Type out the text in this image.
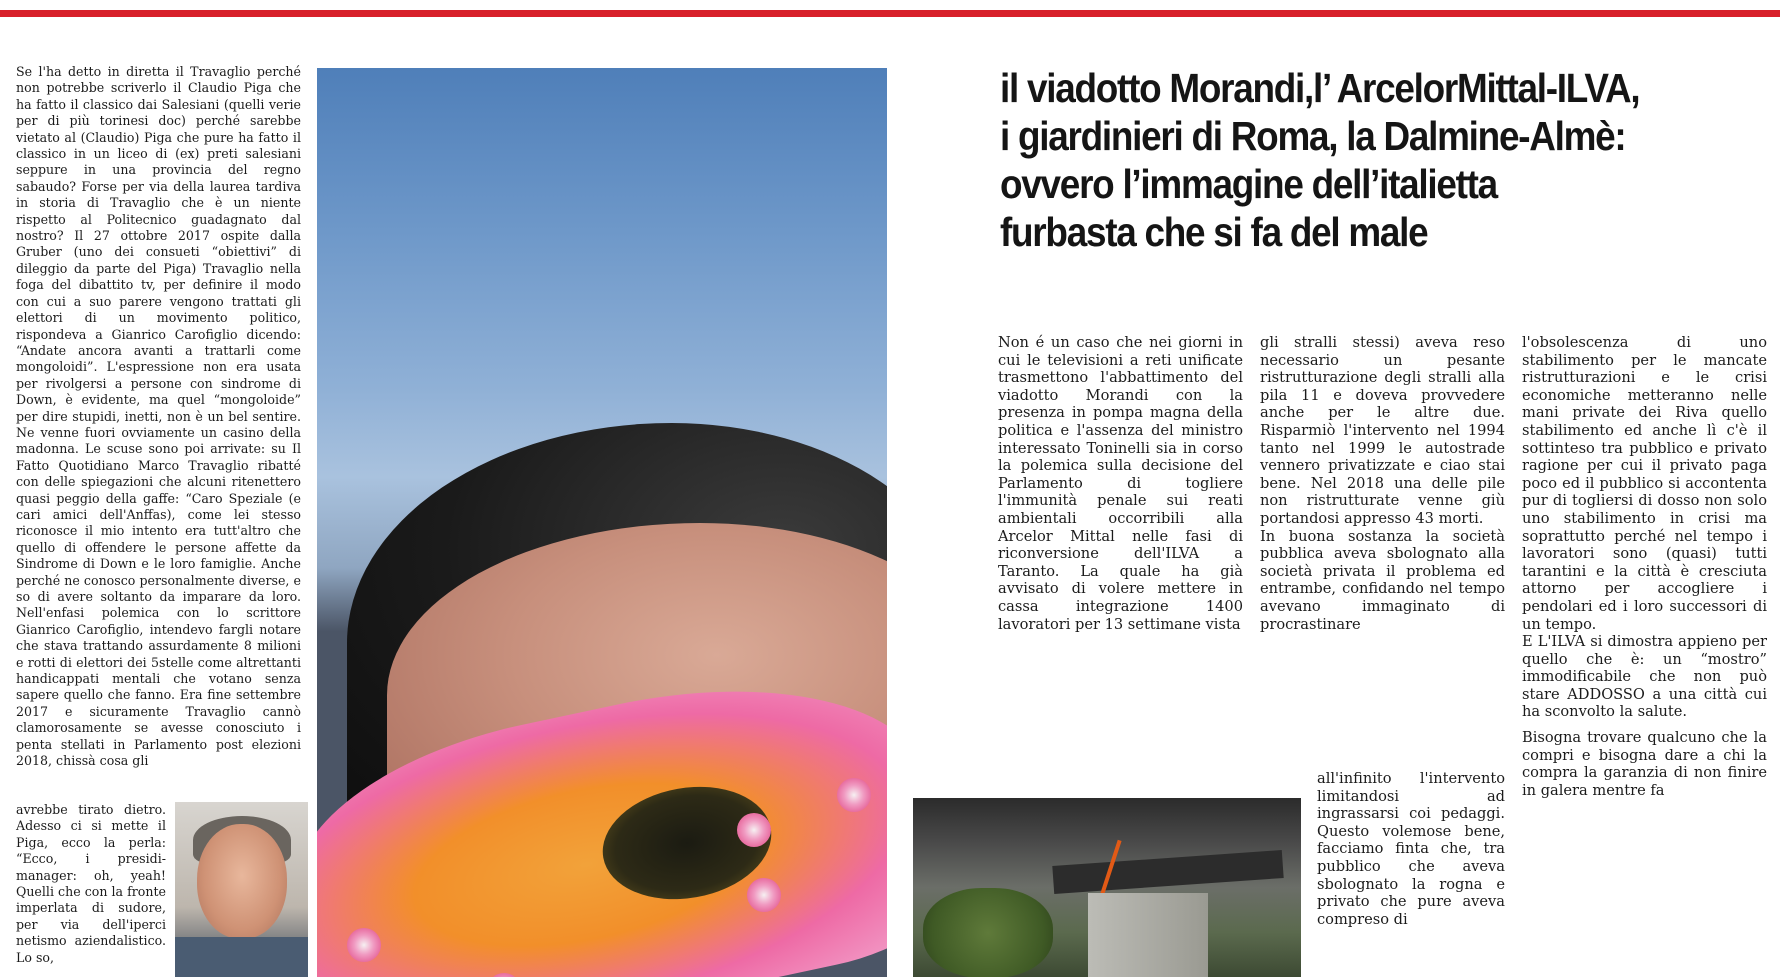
Se l'ha detto in diretta il Travaglio perché non potrebbe scriverlo il Claudio Piga che ha fatto il classico dai Salesiani (quelli verie per di più torinesi doc) perché sarebbe vietato al (Claudio) Piga che pure ha fatto il classico in un liceo di (ex) preti salesiani seppure in una provincia del regno sabaudo? Forse per via della laurea tardiva in storia di Travaglio che è un niente rispetto al Politecnico guadagnato dal nostro? Il 27 ottobre 2017 ospite dalla Gruber (uno dei consueti “obiettivi” di dileggio da parte del Piga) Travaglio nella foga del dibattito tv, per definire il modo con cui a suo parere vengono trattati gli elettori di un movimento politico, rispondeva a Gianrico Carofiglio dicendo: “Andate ancora avanti a trattarli come mongoloidi”. L'espressione non era usata per rivolgersi a persone con sindrome di Down, è evidente, ma quel “mongoloide” per dire stupidi, inetti, non è un bel sentire. Ne venne fuori ovviamente un casino della madonna. Le scuse sono poi arrivate: su Il Fatto Quotidiano Marco Travaglio ribatté con delle spiegazioni che alcuni ritenettero quasi peggio della gaffe: “Caro Speziale (e cari amici dell'Anffas), come lei stesso riconosce il mio intento era tutt'altro che quello di offendere le persone affette da Sindrome di Down e le loro famiglie. Anche perché ne conosco personalmente diverse, e so di avere soltanto da imparare da loro. Nell'enfasi polemica con lo scrittore Gianrico Carofiglio, intendevo fargli notare che stava trattando assurdamente 8 milioni e rotti di elettori dei 5stelle come altrettanti handicappati mentali che votano senza sapere quello che fanno. Era fine settembre 2017 e sicuramente Travaglio cannò clamorosamente se avesse conosciuto i penta stellati in Parlamento post elezioni 2018, chissà cosa gli

avrebbe tirato dietro. Adesso ci si mette il Piga, ecco la perla: “Ecco, i presidi-manager: oh, yeah! Quelli che con la fronte imperlata di sudore, per via dell'iperci netismo aziendalistico. Lo so,

il viadotto Morandi,l’ ArcelorMittal-ILVA,
i giardinieri di Roma, la Dalmine-Almè:
ovvero l’immagine dell’italietta
furbasta che si fa del male

Non é un caso che nei giorni in cui le televisioni a reti unificate trasmettono l'abbattimento del viadotto Morandi con la presenza in pompa magna della politica e l'assenza del ministro interessato Toninelli sia in corso la polemica sulla decisione del Parlamento di togliere l'immunità penale sui reati ambientali occorribili alla Arcelor Mittal nelle fasi di riconversione dell'ILVA a Taranto. La quale ha già avvisato di volere mettere in cassa integrazione 1400 lavoratori per 13 settimane vista

gli stralli stessi) aveva reso necessario un pesante ristrutturazione degli stralli alla pila 11 e doveva provvedere anche per le altre due. Risparmiò l'intervento nel 1994 tanto nel 1999 le autostrade vennero privatizzate e ciao stai bene. Nel 2018 una delle pile non ristrutturate venne giù portandosi appresso 43 morti.

In buona sostanza la società pubblica aveva sbolognato alla società privata il problema ed entrambe, confidando nel tempo avevano immaginato di procrastinare

all'infinito l'intervento limitandosi ad ingrassarsi coi pedaggi. Questo volemose bene, facciamo finta che, tra pubblico che aveva sbolognato la rogna e privato che pure aveva compreso di

l'obsolescenza di uno stabilimento per le mancate ristrutturazioni e le crisi economiche metteranno nelle mani private dei Riva quello stabilimento ed anche lì c'è il sottinteso tra pubblico e privato ragione per cui il privato paga poco ed il pubblico si accontenta pur di togliersi di dosso non solo uno stabilimento in crisi ma soprattutto perché nel tempo i lavoratori sono (quasi) tutti tarantini e la città è cresciuta attorno per accogliere i pendolari ed i loro successori di un tempo.

E L'ILVA si dimostra appieno per quello che è: un “mostro” immodificabile che non può stare ADDOSSO a una città cui ha sconvolto la salute.

Bisogna trovare qualcuno che la compri e bisogna dare a chi la compra la garanzia di non finire in galera mentre fa
